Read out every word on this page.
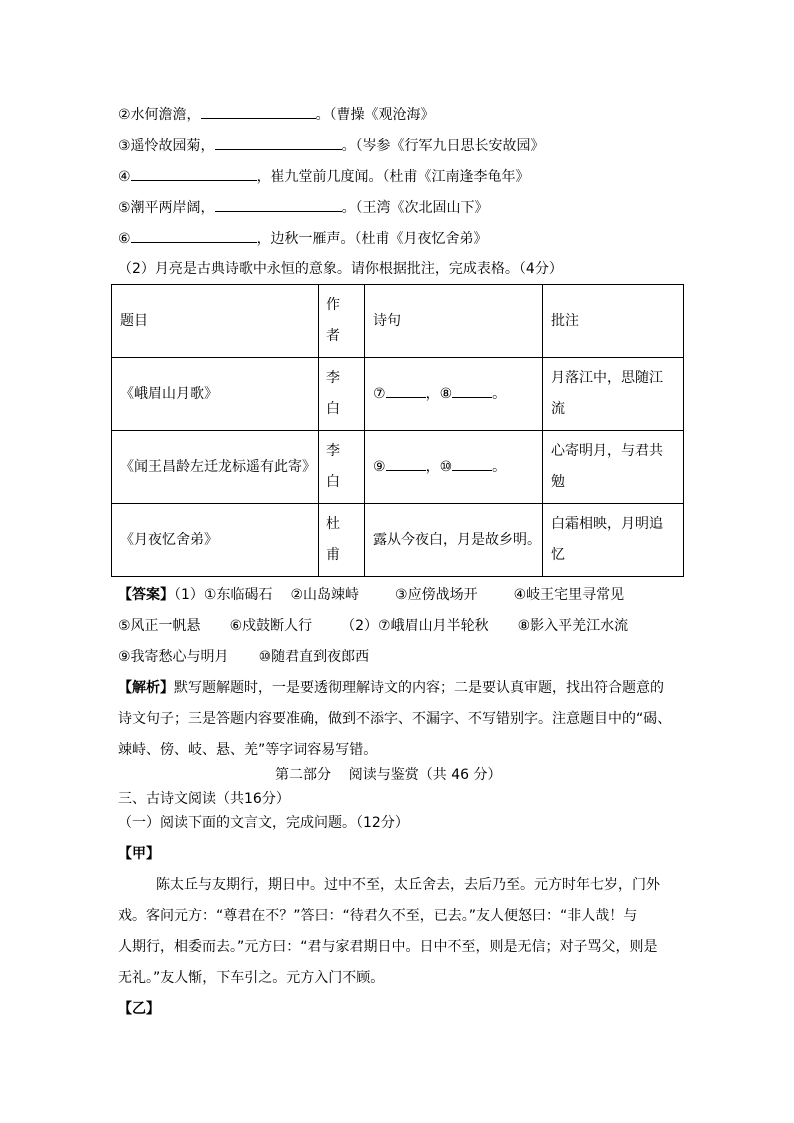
②水何澹澹，	。（曹操《观沧海》
③遥怜故园菊，	。（岑参《行军九日思长安故园》
④	，崔九堂前几度闻。（杜甫《江南逢李龟年》
⑤潮平两岸阔，	。（王湾《次北固山下》
⑥	，边秋一雁声。（杜甫《月夜忆舍弟》
（2）月亮是古典诗歌中永恒的意象。请你根据批注，完成表格。（4分）
题目	作者	诗句	批注
《峨眉山月歌》	李白	⑦ ，⑧ 。	月落江中，思随江流

《闻王昌龄左迁龙标遥有此寄》	李白	⑨ ，⑩ 。	心寄明月，与君共勉

《月夜忆舍弟》	杜甫	露从今夜白，月是故乡明。	白霜相映，月明追忆
【答案】（1）①东临碣石 ②山岛竦峙	③应傍战场开	④岐王宅里寻常见
⑤风正一帆悬 ⑥戍鼓断人行 （2）⑦峨眉山月半轮秋 ⑧影入平羌江水流
⑨我寄愁心与明月 ⑩随君直到夜郎西
【解析】默写题解题时，一是要透彻理解诗文的内容；二是要认真审题，找出符合题意的
诗文句子；三是答题内容要准确，做到不添字、不漏字、不写错别字。注意题目中的“碣、
竦峙、傍、岐、悬、羌”等字词容易写错。
第二部分    阅读与鉴赏（共 46 分）
三、古诗文阅读（共16分）
（一）阅读下面的文言文，完成问题。（12分）
【甲】
陈太丘与友期行，期日中。过中不至，太丘舍去，去后乃至。元方时年七岁，门外
戏。客问元方：“尊君在不？”答曰：“待君久不至，已去。”友人便怒曰：“非人哉！与
人期行，相委而去。”元方曰：“君与家君期日中。日中不至，则是无信；对子骂父，则是
无礼。”友人惭，下车引之。元方入门不顾。
【乙】
